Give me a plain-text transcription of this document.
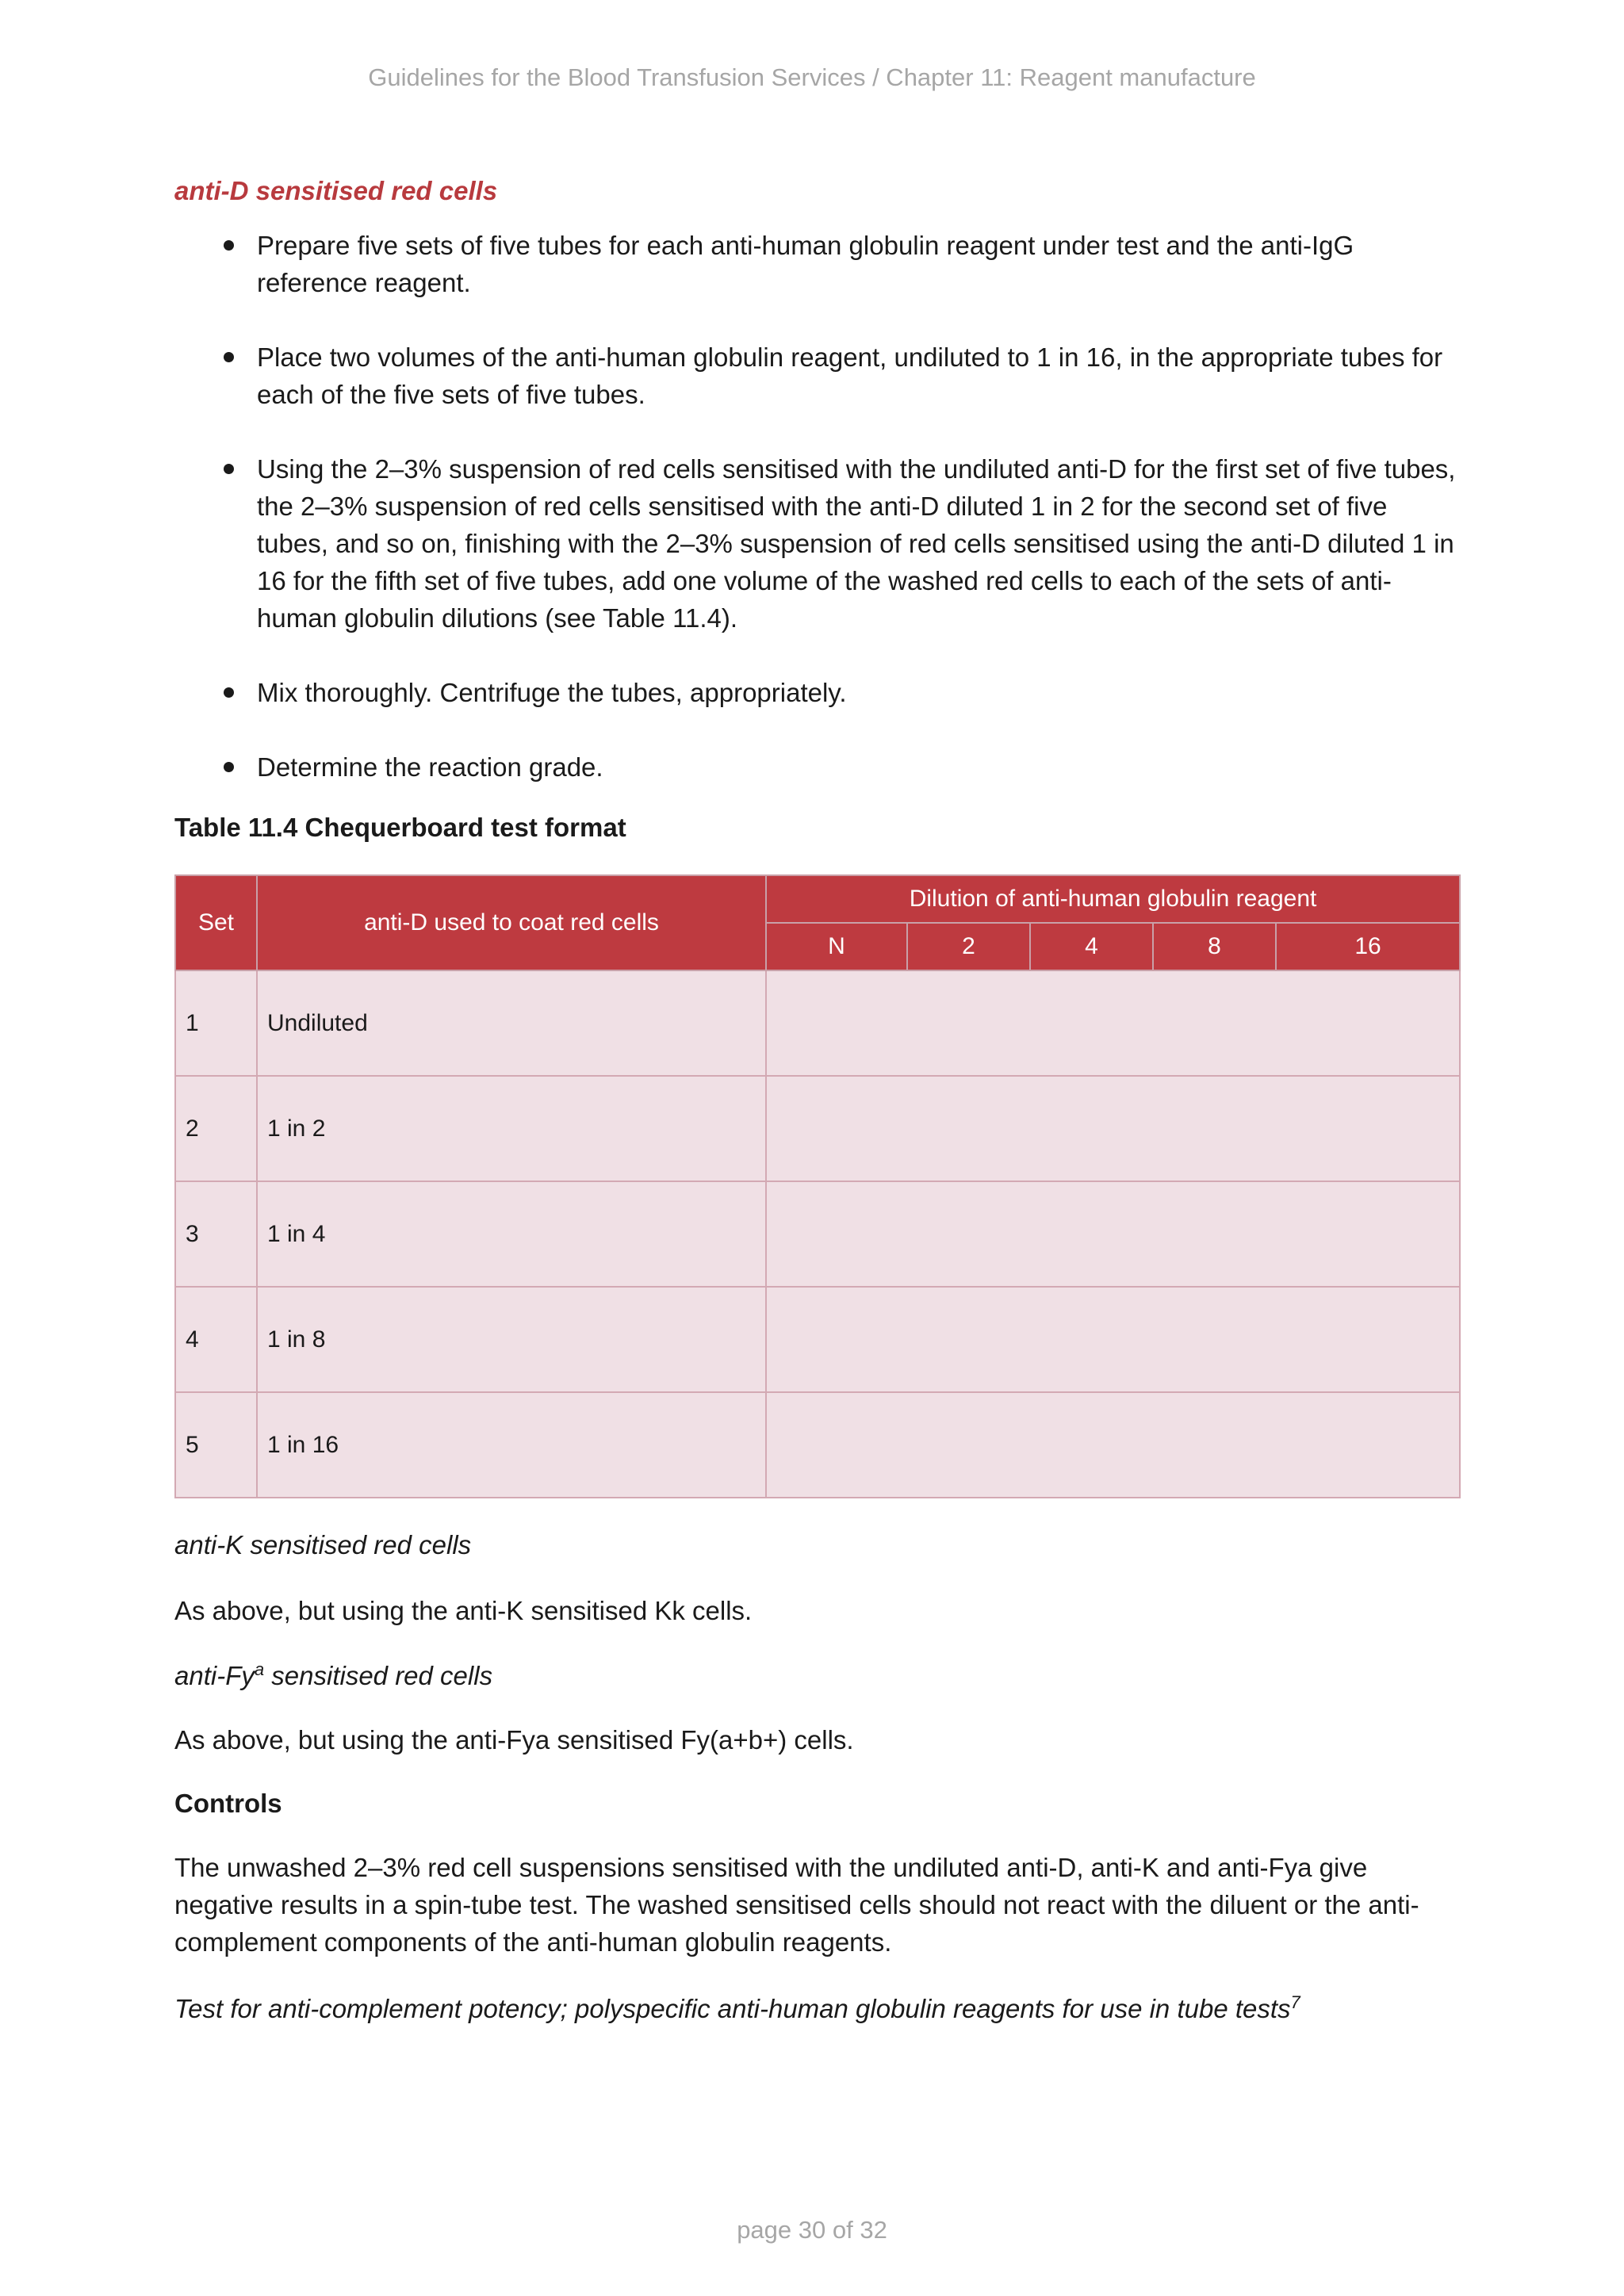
Guidelines for the Blood Transfusion Services / Chapter 11: Reagent manufacture
anti-D sensitised red cells
Prepare five sets of five tubes for each anti-human globulin reagent under test and the anti-IgG reference reagent.
Place two volumes of the anti-human globulin reagent, undiluted to 1 in 16, in the appropriate tubes for each of the five sets of five tubes.
Using the 2–3% suspension of red cells sensitised with the undiluted anti-D for the first set of five tubes, the 2–3% suspension of red cells sensitised with the anti-D diluted 1 in 2 for the second set of five tubes, and so on, finishing with the 2–3% suspension of red cells sensitised using the anti-D diluted 1 in 16 for the fifth set of five tubes, add one volume of the washed red cells to each of the sets of anti-human globulin dilutions (see Table 11.4).
Mix thoroughly. Centrifuge the tubes, appropriately.
Determine the reaction grade.
Table 11.4 Chequerboard test format
Set	anti-D used to coat red cells	Dilution of anti-human globulin reagent				
		N	2	4	8	16
1	Undiluted					
2	1 in 2					
3	1 in 4					
4	1 in 8					
5	1 in 16					
anti-K sensitised red cells

As above, but using the anti-K sensitised Kk cells.

anti-Fy$^a$ sensitised red cells

As above, but using the anti-Fya sensitised Fy(a+b+) cells.

Controls

The unwashed 2–3% red cell suspensions sensitised with the undiluted anti-D, anti-K and anti-Fya give negative results in a spin-tube test. The washed sensitised cells should not react with the diluent or the anti-complement components of the anti-human globulin reagents.

Test for anti-complement potency; polyspecific anti-human globulin reagents for use in tube tests$^7$
page 30 of 32
